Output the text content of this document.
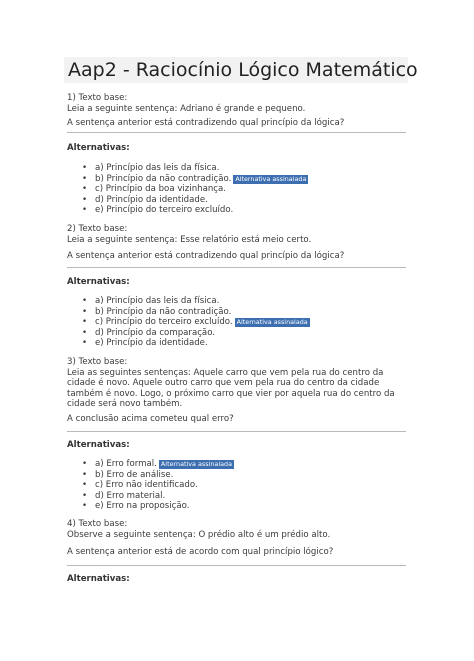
Aap2 - Raciocínio Lógico Matemático

1) Texto base:

Leia a seguinte sentença: Adriano é grande e pequeno.

A sentença anterior está contradizendo qual princípio da lógica?
Alternativas:
• a) Princípio das leis da física.
• b) Princípio da não contradição. Alternativa assinalada
• c) Princípio da boa vizinhança.
• d) Princípio da identidade.
• e) Princípio do terceiro excluído.

2) Texto base:

Leia a seguinte sentença: Esse relatório está meio certo.

A sentença anterior está contradizendo qual princípio da lógica?
Alternativas:
• a) Princípio das leis da física.
• b) Princípio da não contradição.
• c) Princípio do terceiro excluído. Alternativa assinalada
• d) Princípio da comparação.
• e) Princípio da identidade.

3) Texto base:

Leia as seguintes sentenças: Aquele carro que vem pela rua do centro da cidade é novo. Aquele outro carro que vem pela rua do centro da cidade também é novo. Logo, o próximo carro que vier por aquela rua do centro da cidade será novo também.

A conclusão acima cometeu qual erro?
Alternativas:
• a) Erro formal. Alternativa assinalada
• b) Erro de análise.
• c) Erro não identificado.
• d) Erro material.
• e) Erro na proposição.

4) Texto base:

Observe a seguinte sentença: O prédio alto é um prédio alto.

A sentença anterior está de acordo com qual princípio lógico?
Alternativas:
